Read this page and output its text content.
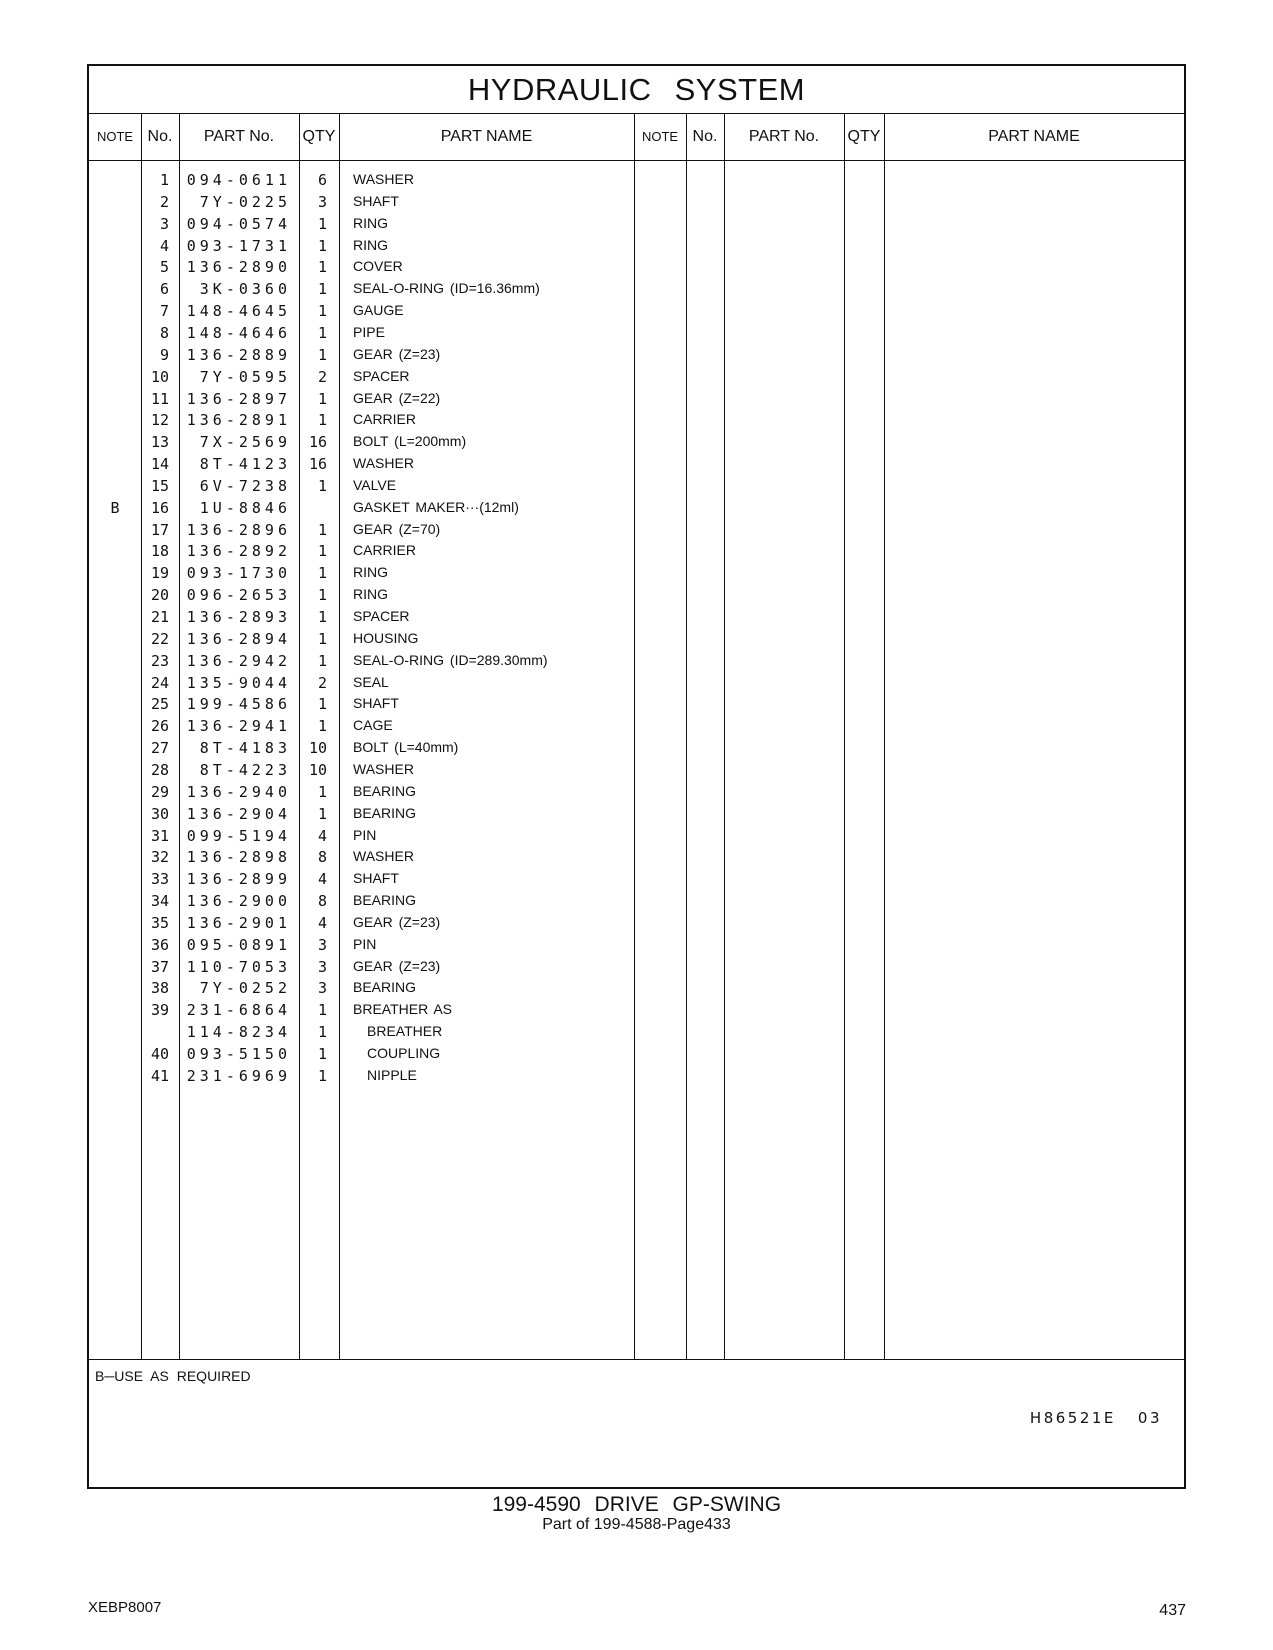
HYDRAULIC SYSTEM
NOTE No.	PART No.	QTY	PART NAME	NOTE No.	PART No.	QTY	PART NAME
1	094-0611	6 WASHER
2	7Y-0225	3 SHAFT
3	094-0574	1 RING
4	093-1731	1 RING
5	136-2890	1 COVER
6	3K-0360	1 SEAL-O-RING (ID=16.36mm)
7	148-4645	1 GAUGE
8	148-4646	1 PIPE
9	136-2889	1 GEAR (Z=23)
10	7Y-0595	2 SPACER
11	136-2897	1 GEAR (Z=22)
12	136-2891	1 CARRIER
13	7X-2569	16 BOLT (L=200mm)
14	8T-4123	16 WASHER
15	6V-7238	1 VALVE
B	16	1U-8846	GASKET MAKER···(12ml)
17	136-2896	1 GEAR (Z=70)
18	136-2892	1 CARRIER
19	093-1730	1 RING
20	096-2653	1 RING
21	136-2893	1 SPACER
22	136-2894	1 HOUSING
23	136-2942	1 SEAL-O-RING (ID=289.30mm)
24	135-9044	2 SEAL
25	199-4586	1 SHAFT
26	136-2941	1 CAGE
27	8T-4183	10 BOLT (L=40mm)
28	8T-4223	10 WASHER
29	136-2940	1 BEARING
30	136-2904	1 BEARING
31	099-5194	4 PIN
32	136-2898	8 WASHER
33	136-2899	4 SHAFT
34	136-2900	8 BEARING
35	136-2901	4 GEAR (Z=23)
36	095-0891	3 PIN
37	110-7053	3 GEAR (Z=23)
38	7Y-0252	3 BEARING
39	231-6864	1 BREATHER AS
114-8234	1	BREATHER
40	093-5150	1	COUPLING
41	231-6969	1	NIPPLE
B─USE AS REQUIRED
H86521E 03
199-4590 DRIVE GP-SWING
Part of 199-4588-Page433
XEBP8007	437
